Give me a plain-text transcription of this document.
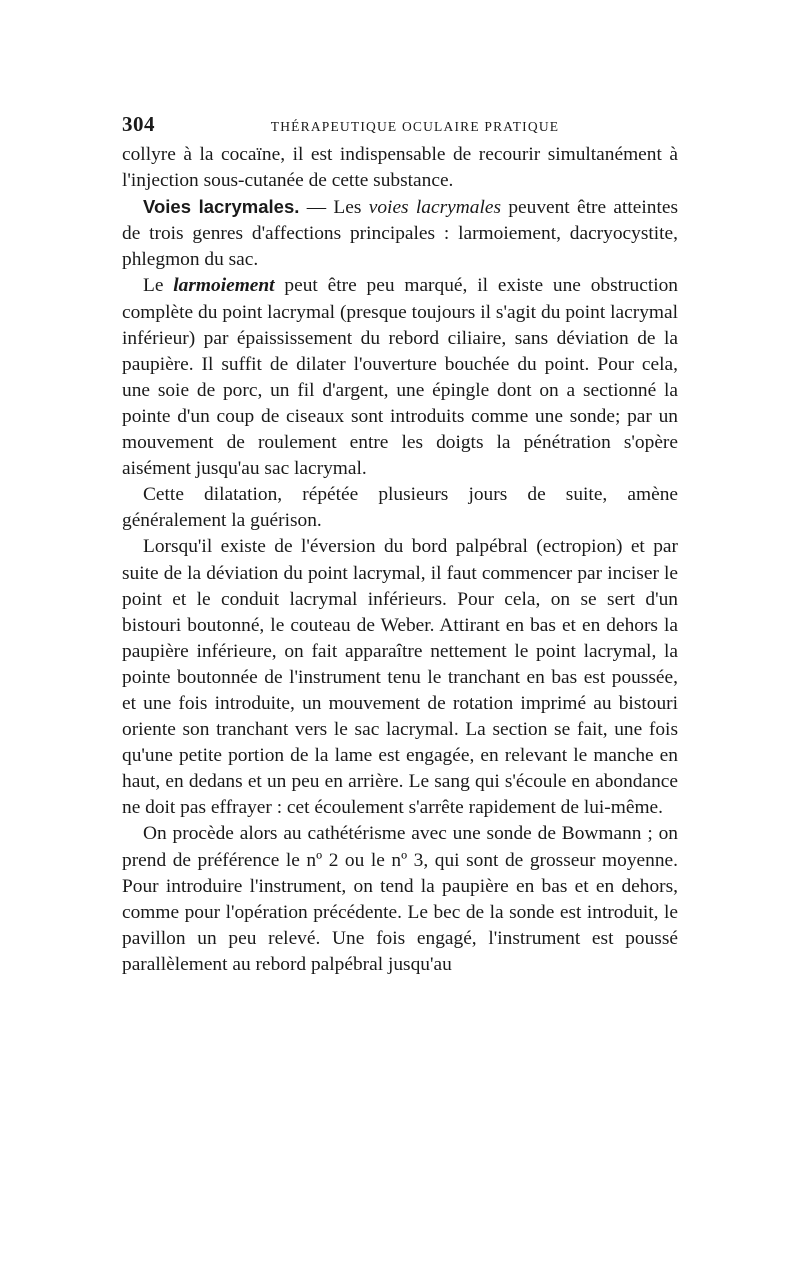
304	THÉRAPEUTIQUE OCULAIRE PRATIQUE

collyre à la cocaïne, il est indispensable de recourir simultanément à l'injection sous-cutanée de cette substance.

Voies lacrymales. — Les voies lacrymales peuvent être atteintes de trois genres d'affections principales : larmoiement, dacryocystite, phlegmon du sac.

Le larmoiement peut être peu marqué, il existe une obstruction complète du point lacrymal (presque toujours il s'agit du point lacrymal inférieur) par épaississement du rebord ciliaire, sans déviation de la paupière. Il suffit de dilater l'ouverture bouchée du point. Pour cela, une soie de porc, un fil d'argent, une épingle dont on a sectionné la pointe d'un coup de ciseaux sont introduits comme une sonde; par un mouvement de roulement entre les doigts la pénétration s'opère aisément jusqu'au sac lacrymal.

Cette dilatation, répétée plusieurs jours de suite, amène généralement la guérison.

Lorsqu'il existe de l'éversion du bord palpébral (ectropion) et par suite de la déviation du point lacrymal, il faut commencer par inciser le point et le conduit lacrymal inférieurs. Pour cela, on se sert d'un bistouri boutonné, le couteau de Weber. Attirant en bas et en dehors la paupière inférieure, on fait apparaître nettement le point lacrymal, la pointe boutonnée de l'instrument tenu le tranchant en bas est poussée, et une fois introduite, un mouvement de rotation imprimé au bistouri oriente son tranchant vers le sac lacrymal. La section se fait, une fois qu'une petite portion de la lame est engagée, en relevant le manche en haut, en dedans et un peu en arrière. Le sang qui s'écoule en abondance ne doit pas effrayer : cet écoulement s'arrête rapidement de lui-même.

On procède alors au cathétérisme avec une sonde de Bowmann ; on prend de préférence le nº 2 ou le nº 3, qui sont de grosseur moyenne. Pour introduire l'instrument, on tend la paupière en bas et en dehors, comme pour l'opération précédente. Le bec de la sonde est introduit, le pavillon un peu relevé. Une fois engagé, l'instrument est poussé parallèlement au rebord palpébral jusqu'au
